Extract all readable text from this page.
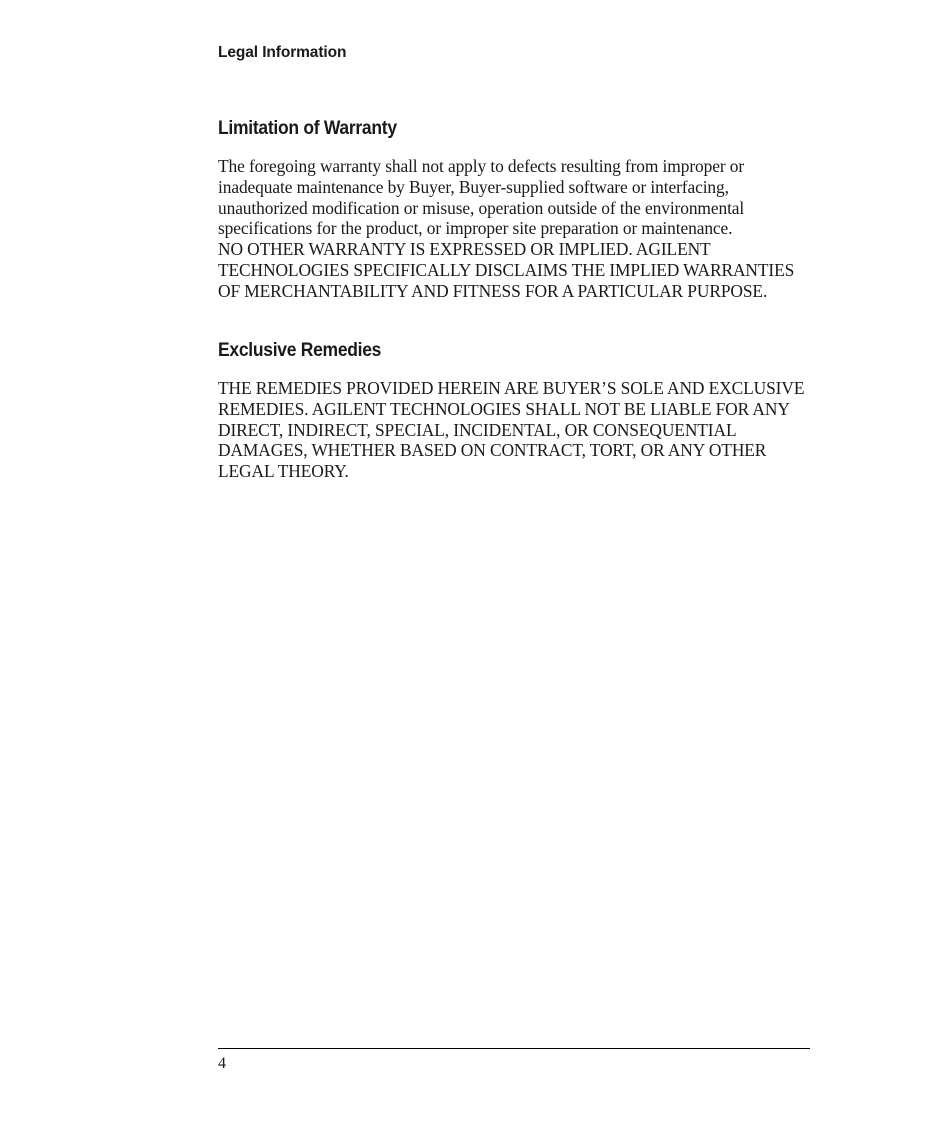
Legal Information

Limitation of Warranty

The foregoing warranty shall not apply to defects resulting from improper or
inadequate maintenance by Buyer, Buyer-supplied software or interfacing,
unauthorized modification or misuse, operation outside of the environmental
specifications for the product, or improper site preparation or maintenance.
NO OTHER WARRANTY IS EXPRESSED OR IMPLIED. AGILENT
TECHNOLOGIES SPECIFICALLY DISCLAIMS THE IMPLIED WARRANTIES
OF MERCHANTABILITY AND FITNESS FOR A PARTICULAR PURPOSE.

Exclusive Remedies

THE REMEDIES PROVIDED HEREIN ARE BUYER’S SOLE AND EXCLUSIVE
REMEDIES. AGILENT TECHNOLOGIES SHALL NOT BE LIABLE FOR ANY
DIRECT, INDIRECT, SPECIAL, INCIDENTAL, OR CONSEQUENTIAL
DAMAGES, WHETHER BASED ON CONTRACT, TORT, OR ANY OTHER
LEGAL THEORY.

4
